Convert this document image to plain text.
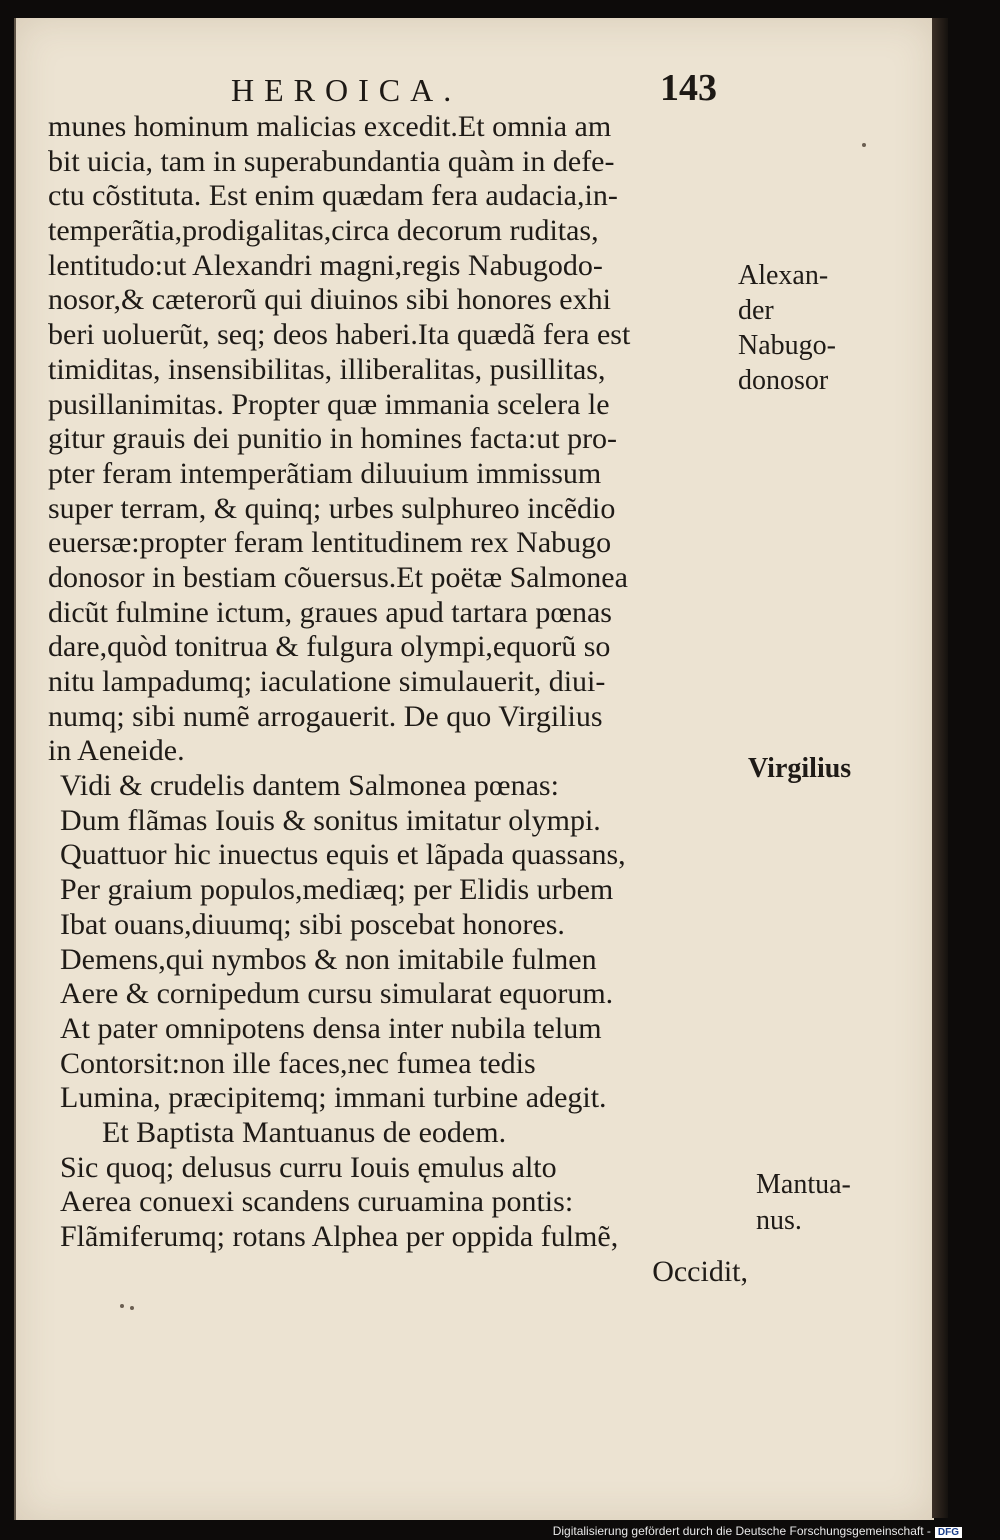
HEROICA.	143
munes hominum malicias excedit.Et omnia am
bit uicia, tam in superabundantia quàm in defe-
ctu cõstituta. Est enim quædam fera audacia,in-
temperãtia,prodigalitas,circa decorum ruditas,
lentitudo:ut Alexandri magni,regis Nabugodo-
nosor,& cæterorũ qui diuinos sibi honores exhi
beri uoluerũt, seq; deos haberi.Ita quædã fera est
timiditas, insensibilitas, illiberalitas, pusillitas,
pusillanimitas. Propter quæ immania scelera le
gitur grauis dei punitio in homines facta:ut pro-
pter feram intemperãtiam diluuium immissum
super terram, & quinq; urbes sulphureo incẽdio
euersæ:propter feram lentitudinem rex Nabugo
donosor in bestiam cõuersus.Et poëtæ Salmonea
dicũt fulmine ictum, graues apud tartara pœnas
dare,quòd tonitrua & fulgura olympi,equorũ so
nitu lampadumq; iaculatione simulauerit, diui-
numq; sibi numẽ arrogauerit. De quo Virgilius
in Aeneide.
Vidi & crudelis dantem Salmonea pœnas:
Dum flãmas Iouis & sonitus imitatur olympi.
Quattuor hic inuectus equis et lãpada quassans,
Per graium populos,mediæq; per Elidis urbem
Ibat ouans,diuumq; sibi poscebat honores.
Demens,qui nymbos & non imitabile fulmen
Aere & cornipedum cursu simularat equorum.
At pater omnipotens densa inter nubila telum
Contorsit:non ille faces,nec fumea tedis
Lumina, præcipitemq; immani turbine adegit.
Et Baptista Mantuanus de eodem.
Sic quoq; delusus curru Iouis ęmulus alto
Aerea conuexi scandens curuamina pontis:
Flãmiferumq; rotans Alphea per oppida fulmẽ,
Occidit,
Alexan-
der
Nabugo-
donosor
Virgilius
Mantua-
nus.
Digitalisierung gefördert durch die Deutsche Forschungsgemeinschaft - DFG
